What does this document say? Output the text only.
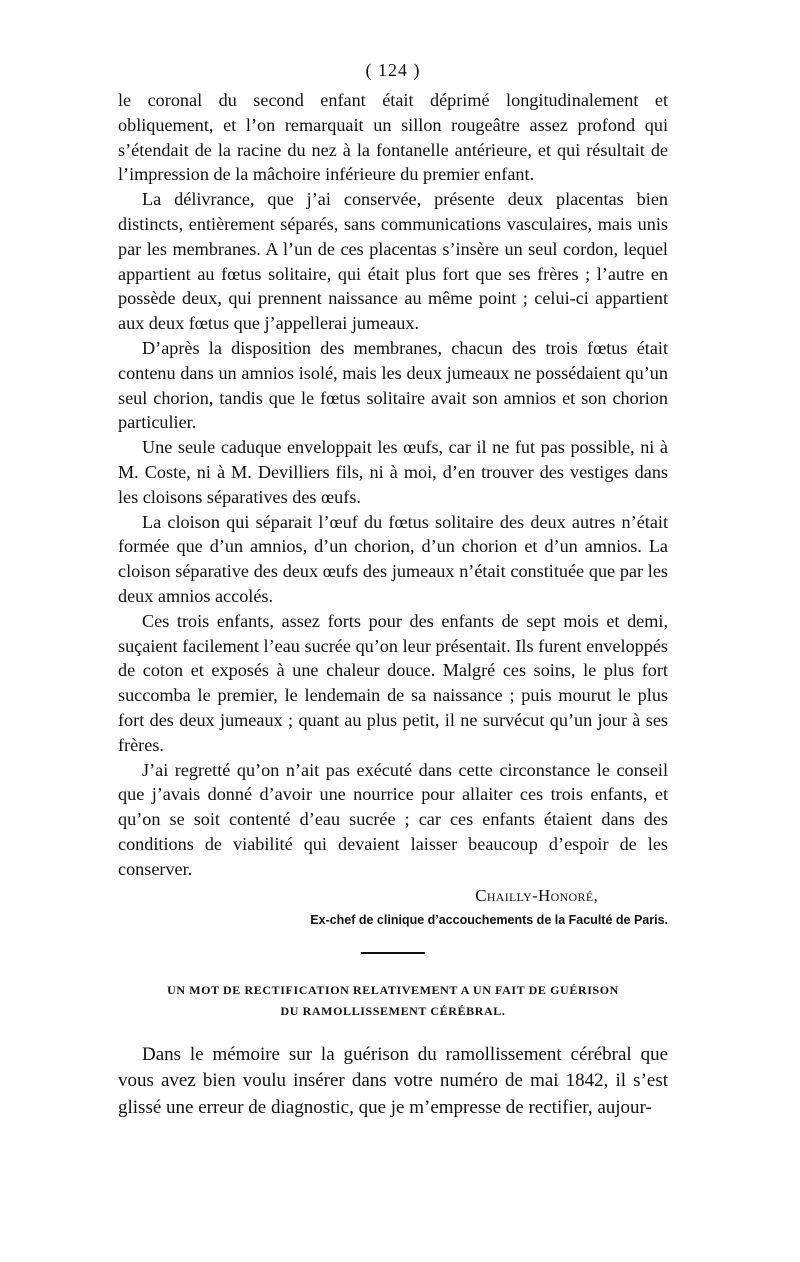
( 124 )

le coronal du second enfant était déprimé longitudinalement et obliquement, et l’on remarquait un sillon rougeâtre assez profond qui s’étendait de la racine du nez à la fontanelle antérieure, et qui résultait de l’impression de la mâchoire inférieure du premier enfant.

La délivrance, que j’ai conservée, présente deux placentas bien distincts, entièrement séparés, sans communications vasculaires, mais unis par les membranes. A l’un de ces placentas s’insère un seul cordon, lequel appartient au fœtus solitaire, qui était plus fort que ses frères ; l’autre en possède deux, qui prennent naissance au même point ; celui-ci appartient aux deux fœtus que j’appellerai jumeaux.

D’après la disposition des membranes, chacun des trois fœtus était contenu dans un amnios isolé, mais les deux jumeaux ne possédaient qu’un seul chorion, tandis que le fœtus solitaire avait son amnios et son chorion particulier.

Une seule caduque enveloppait les œufs, car il ne fut pas possible, ni à M. Coste, ni à M. Devilliers fils, ni à moi, d’en trouver des vestiges dans les cloisons séparatives des œufs.

La cloison qui séparait l’œuf du fœtus solitaire des deux autres n’était formée que d’un amnios, d’un chorion, d’un chorion et d’un amnios. La cloison séparative des deux œufs des jumeaux n’était constituée que par les deux amnios accolés.

Ces trois enfants, assez forts pour des enfants de sept mois et demi, suçaient facilement l’eau sucrée qu’on leur présentait. Ils furent enveloppés de coton et exposés à une chaleur douce. Malgré ces soins, le plus fort succomba le premier, le lendemain de sa naissance ; puis mourut le plus fort des deux jumeaux ; quant au plus petit, il ne survécut qu’un jour à ses frères.

J’ai regretté qu’on n’ait pas exécuté dans cette circonstance le conseil que j’avais donné d’avoir une nourrice pour allaiter ces trois enfants, et qu’on se soit contenté d’eau sucrée ; car ces enfants étaient dans des conditions de viabilité qui devaient laisser beaucoup d’espoir de les conserver.

Chailly-Honoré,
Ex-chef de clinique d’accouchements de la Faculté de Paris.
UN MOT DE RECTIFICATION RELATIVEMENT A UN FAIT DE GUÉRISON
DU RAMOLLISSEMENT CÉRÉBRAL.

Dans le mémoire sur la guérison du ramollissement cérébral que vous avez bien voulu insérer dans votre numéro de mai 1842, il s’est glissé une erreur de diagnostic, que je m’empresse de rectifier, aujour-
